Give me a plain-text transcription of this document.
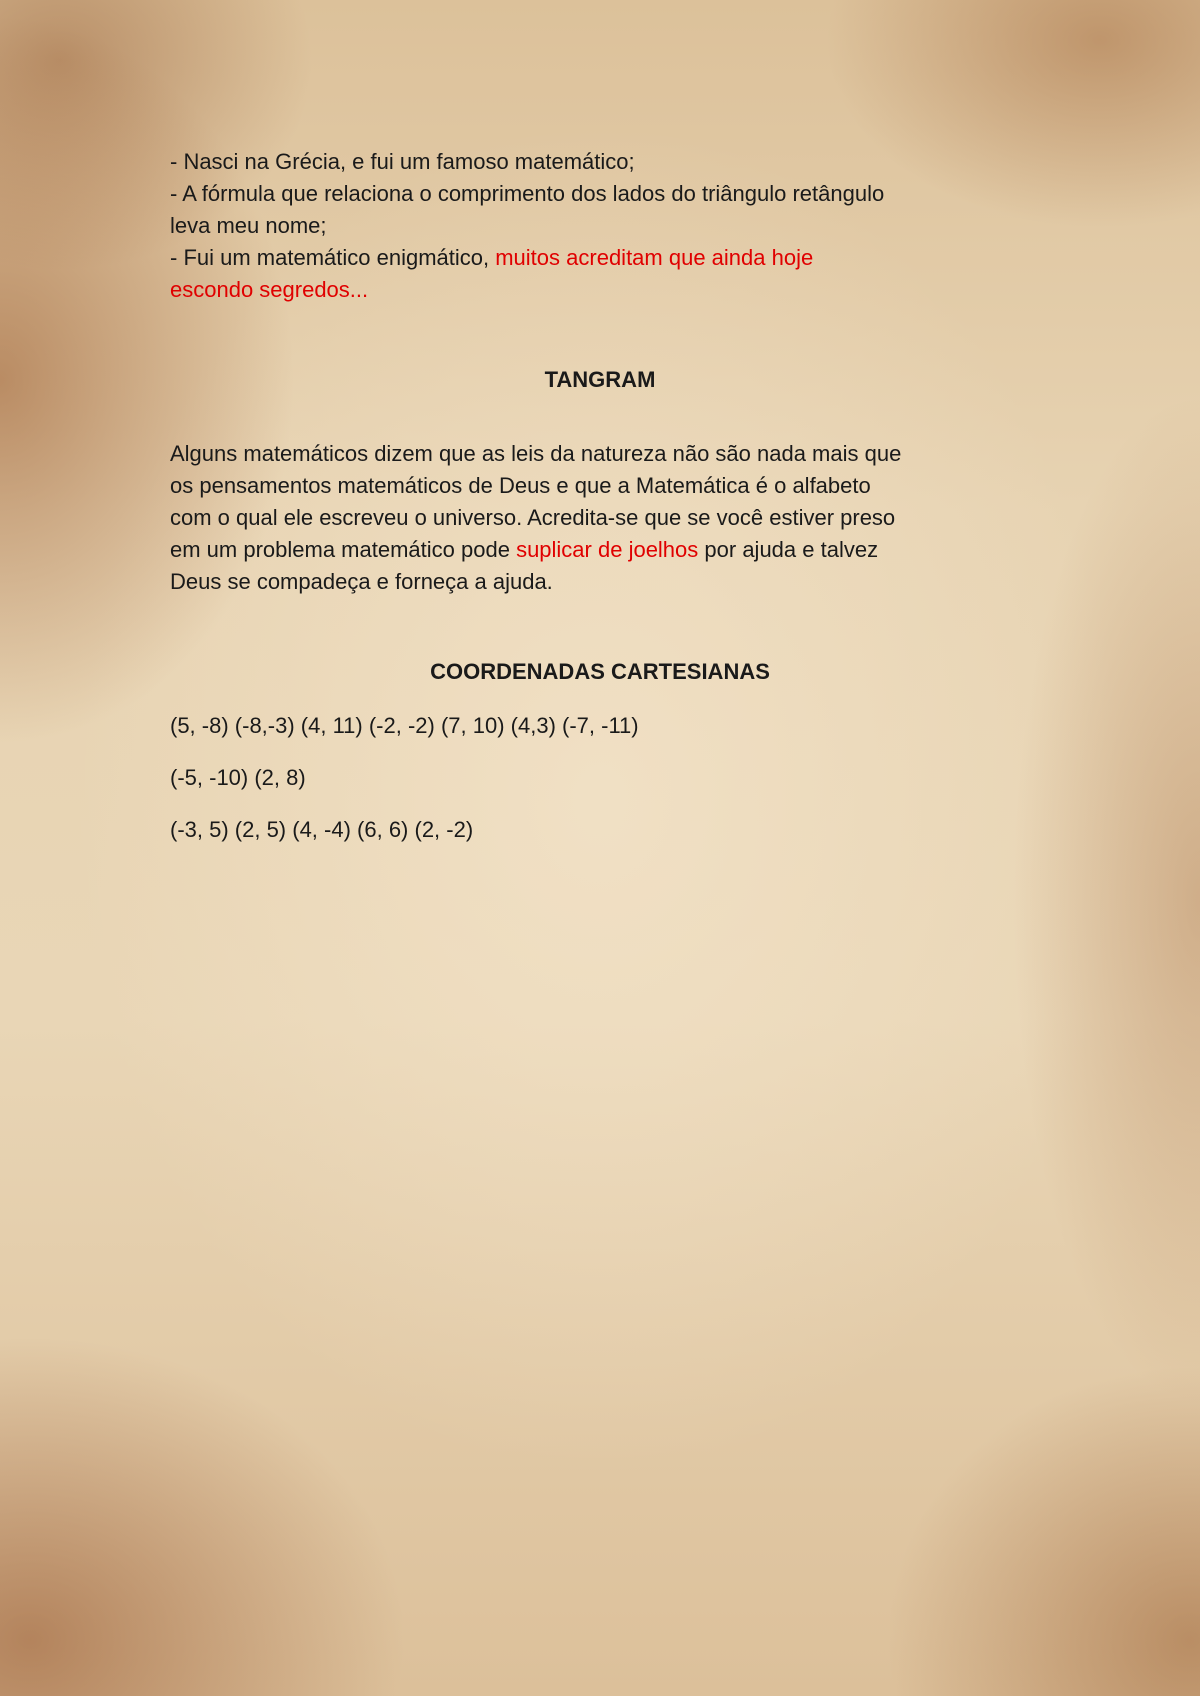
- Nasci na Grécia, e fui um famoso matemático;
- A fórmula que relaciona o comprimento dos lados do triângulo retângulo
leva meu nome;
- Fui um matemático enigmático, muitos acreditam que ainda hoje
escondo segredos...
TANGRAM
Alguns matemáticos dizem que as leis da natureza não são nada mais que
os pensamentos matemáticos de Deus e que a Matemática é o alfabeto
com o qual ele escreveu o universo. Acredita-se que se você estiver preso
em um problema matemático pode suplicar de joelhos por ajuda e talvez
Deus se compadeça e forneça a ajuda.
COORDENADAS CARTESIANAS
(5, -8) (-8,-3) (4, 11) (-2, -2) (7, 10) (4,3) (-7, -11)
(-5, -10) (2, 8)
(-3, 5) (2, 5) (4, -4) (6, 6) (2, -2)
